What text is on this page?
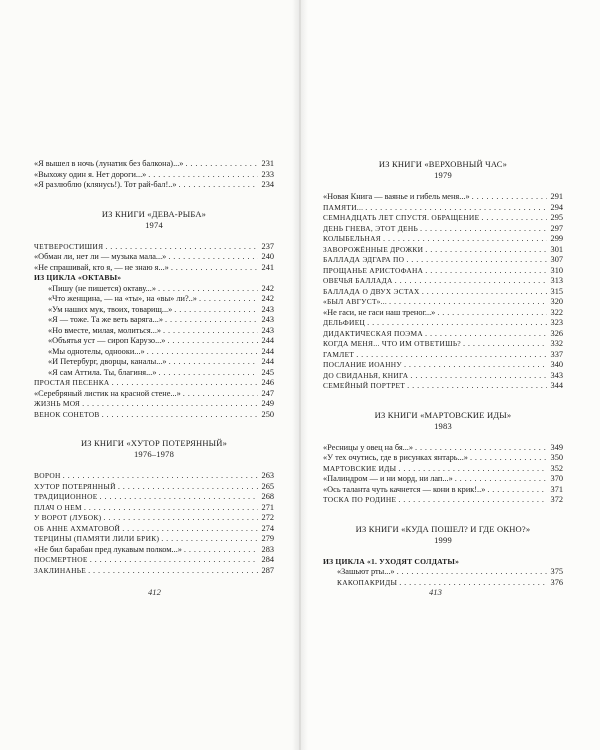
«Я вышел в ночь (лунатик без балкона)...» . . .	231
«Выхожу один я. Нет дороги...» . . .	233
«Я разлюблю (клянусь!). Тот рай-бал!..» . . .	234
ИЗ КНИГИ «ДЕВА-РЫБА»
1974
ЧЕТВЕРОСТИШИЯ . . .	237
«Обман ли, нет ли — музыка мала...» . . .	240
«Не спрашивай, кто я, — не знаю я...» . . .	241
ИЗ ЦИКЛА «ОКТАВЫ»
«Пишу (не пишется) октаву...» . . .	242
«Что женщина, — на «ты», на «вы» ли?..» . . .	242
«Ум наших мук, твоих, товарищ...» . . .	243
«Я — тоже. Та же веть варяга...» . . .	243
«Но вместе, милая, молиться...» . . .	243
«Объятья уст — сироп Карузо...» . . .	244
«Мы однотелы, однооки...» . . .	244
«И Петербург, дворцы, каналы...» . . .	244
«Я сам Аттила. Ты, благиня...» . . .	245
ПРОСТАЯ ПЕСЕНКА . . .	246
«Серебряный листик на красной стене...» . . .	247
ЖИЗНЬ МОЯ . . .	249
ВЕНОК СОНЕТОВ . . .	250
ИЗ КНИГИ «ХУТОР ПОТЕРЯННЫЙ»
1976–1978
ВОРОН . . .	263
ХУТОР ПОТЕРЯННЫЙ . . .	265
ТРАДИЦИОННОЕ . . .	268
ПЛАЧ О НЕМ . . .	271
У ВОРОТ (ЛУБОК) . . .	272
ОБ АННЕ АХМАТОВОЙ . . .	274
ТЕРЦИНЫ (ПАМЯТИ ЛИЛИ БРИК) . . .	279
«Не бил барабан пред лукавым полком...» . . .	283
ПОСМЕРТНОЕ . . .	284
ЗАКЛИНАНЬЕ . . .	287
412
ИЗ КНИГИ «ВЕРХОВНЫЙ ЧАС»
1979
«Новая Книга — ваянье и гибель меня...» . . .	291
ПАМЯТИ... . . .	294
СЕМНАДЦАТЬ ЛЕТ СПУСТЯ. ОБРАЩЕНИЕ . . .	295
ДЕНЬ ГНЕВА, ЭТОТ ДЕНЬ . . .	297
КОЛЫБЕЛЬНАЯ . . .	299
ЗАВОРОЖЁННЫЕ ДРОЖКИ . . .	301
БАЛЛАДА ЭДГАРА ПО . . .	307
ПРОЩАНЬЕ АРИСТОФАНА . . .	310
ОВЕЧЬЯ БАЛЛАДА . . .	313
БАЛЛАДА О ДВУХ ЭСТАХ . . .	315
«БЫЛ АВГУСТ»... . . .	320
«Не гаси, не гаси наш треног...» . . .	322
ДЕЛЬФИЕЦ . . .	323
ДИДАКТИЧЕСКАЯ ПОЭМА . . .	326
КОГДА МЕНЯ... ЧТО ИМ ОТВЕТИШЬ? . . .	332
ГАМЛЕТ . . .	337
ПОСЛАНИЕ ИОАННУ . . .	340
ДО СВИДАНЬЯ, КНИГА . . .	343
СЕМЕЙНЫЙ ПОРТРЕТ . . .	344
ИЗ КНИГИ «МАРТОВСКИЕ ИДЫ»
1983
«Ресницы у овец на бя...» . . .	349
«У тех очутись, где в рисунках янтарь...» . . .	350
МАРТОВСКИЕ ИДЫ . . .	352
«Палиндром — и ни морд, ни лап...» . . .	370
«Ось таланта чуть качнется — кони в крик!..» . . .	371
ТОСКА ПО РОДИНЕ . . .	372
ИЗ КНИГИ «КУДА ПОШЕЛ? И ГДЕ ОКНО?»
1999
ИЗ ЦИКЛА «1. УХОДЯТ СОЛДАТЫ»
«Зашьют рты...» . . .	375
КАКОПАКРИДЫ . . .	376
413
